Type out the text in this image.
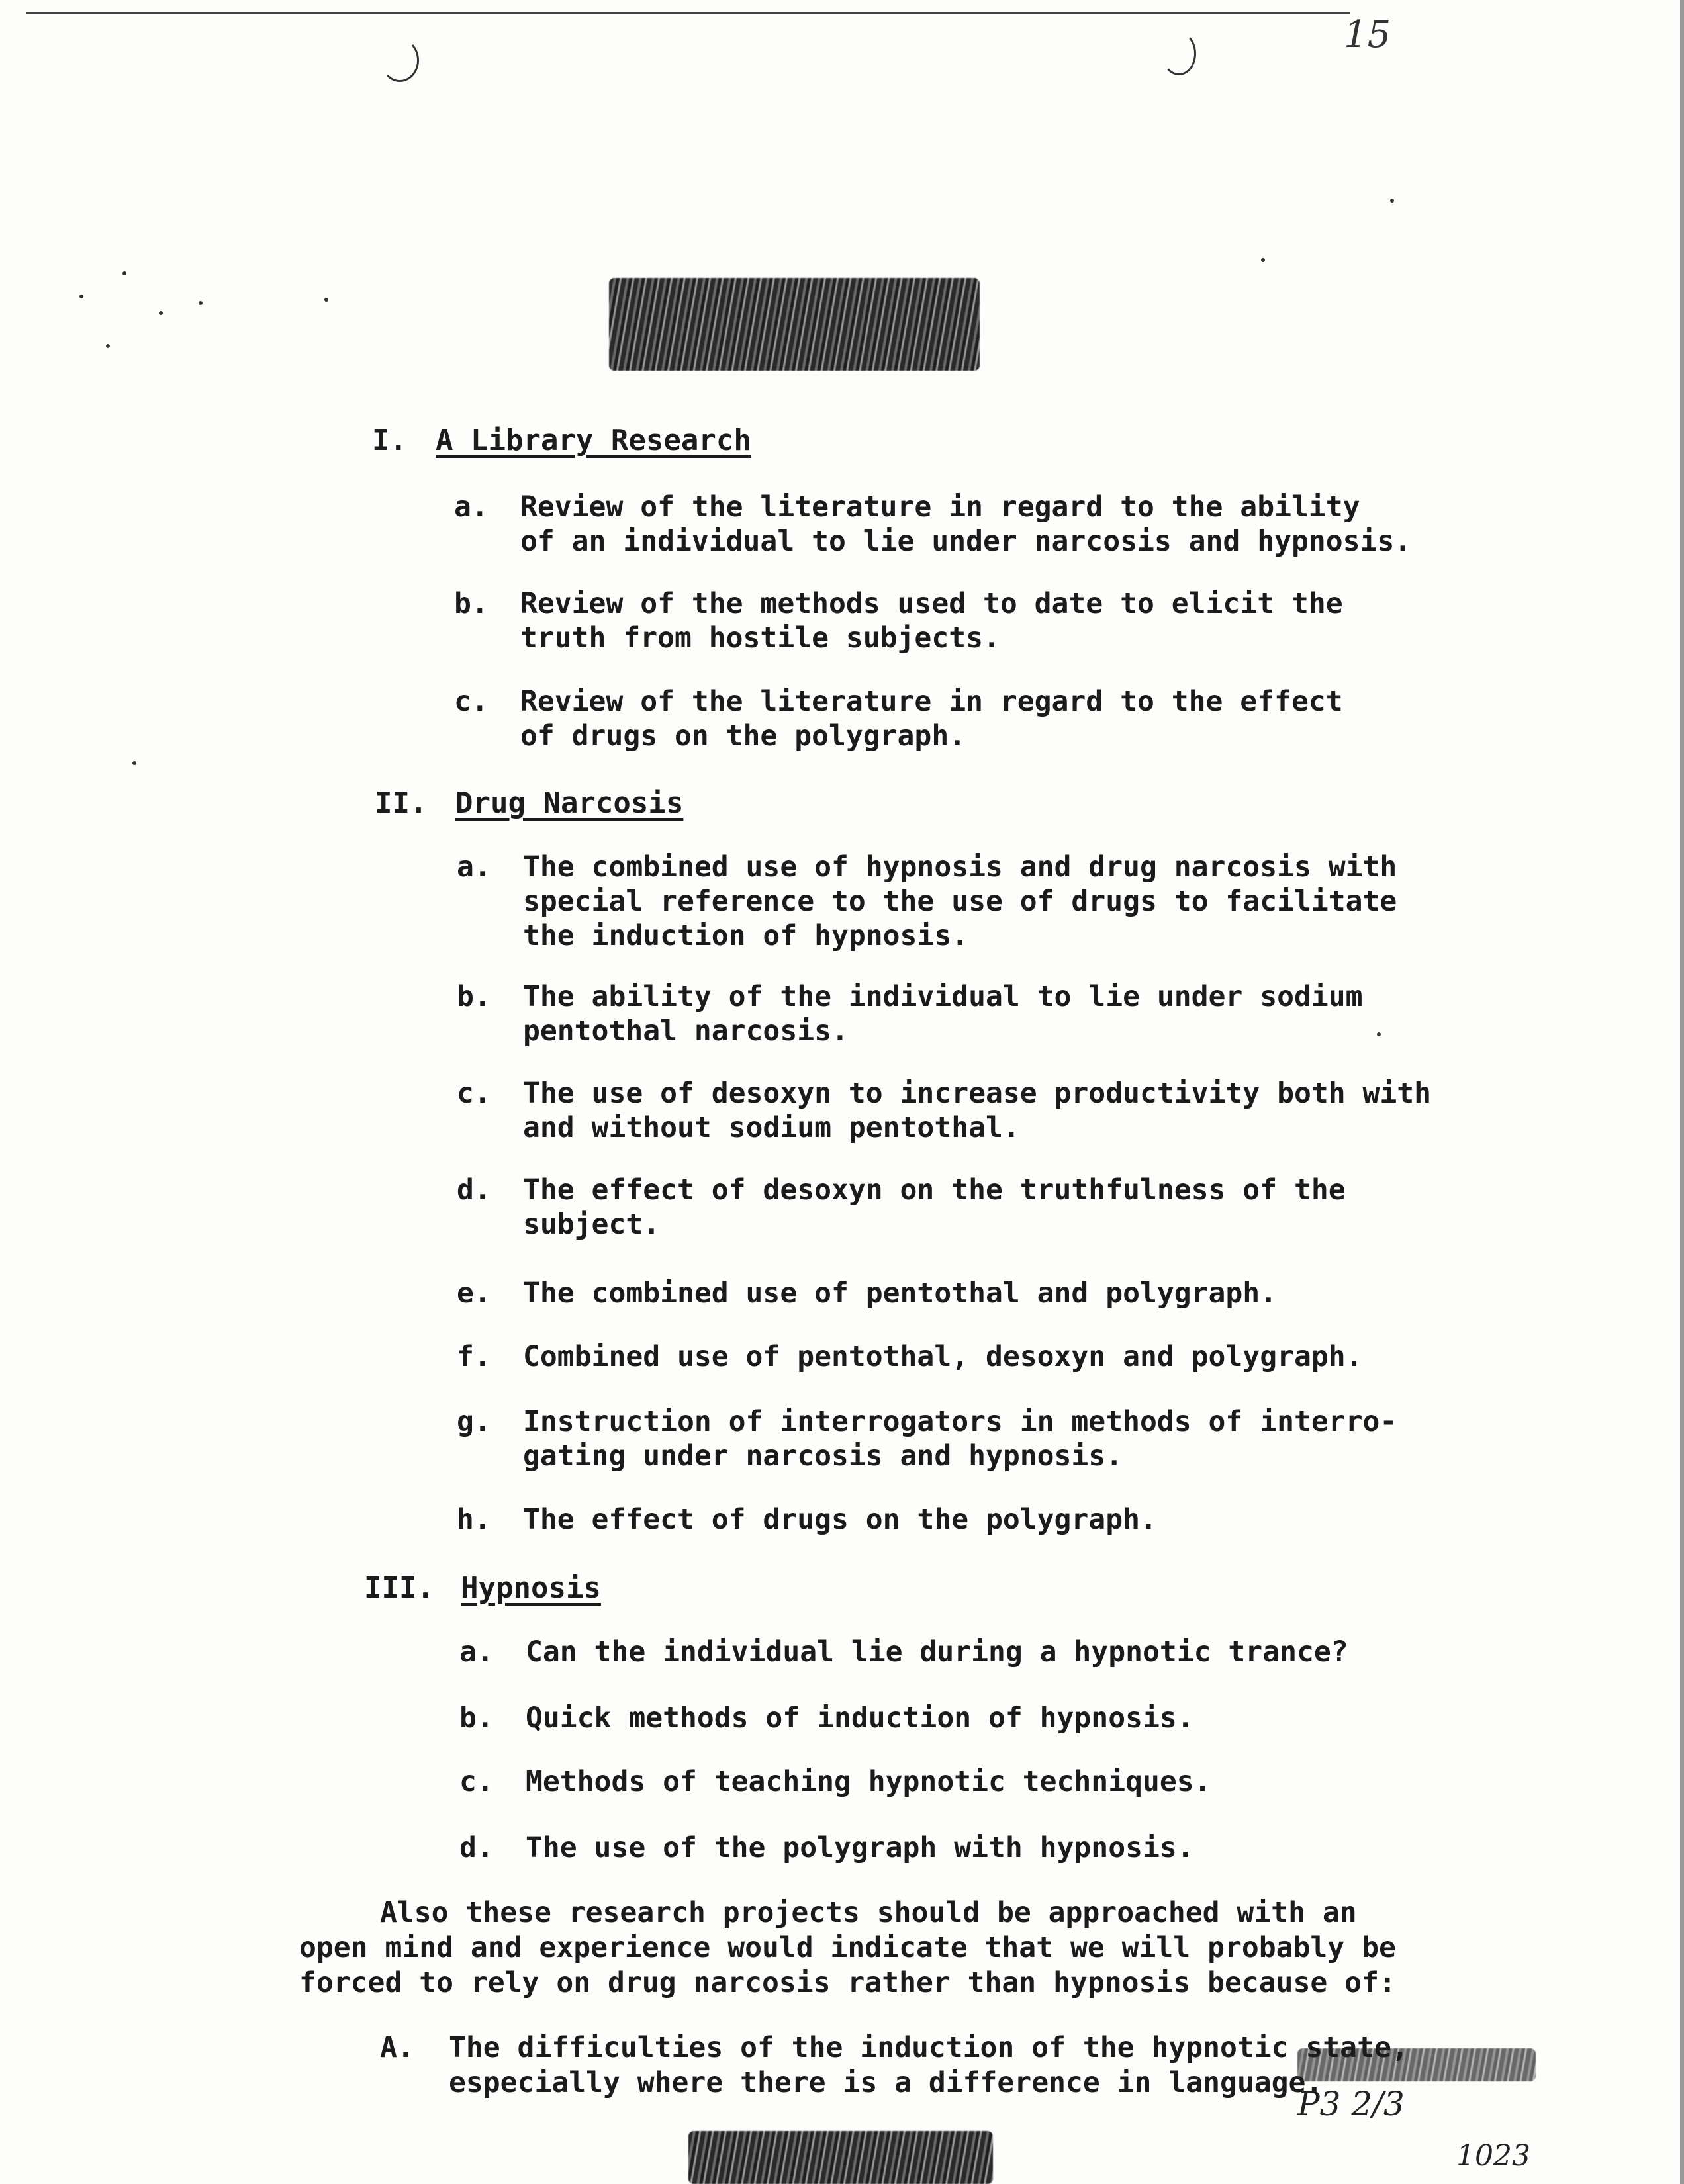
15
I. A Library Research
a. Review of the literature in regard to the ability
of an individual to lie under narcosis and hypnosis.
b. Review of the methods used to date to elicit the
truth from hostile subjects.
c. Review of the literature in regard to the effect
of drugs on the polygraph.
II. Drug Narcosis
a. The combined use of hypnosis and drug narcosis with
special reference to the use of drugs to facilitate
the induction of hypnosis.
b. The ability of the individual to lie under sodium
pentothal narcosis.
c. The use of desoxyn to increase productivity both with
and without sodium pentothal.
d. The effect of desoxyn on the truthfulness of the
subject.
e. The combined use of pentothal and polygraph.
f. Combined use of pentothal, desoxyn and polygraph.
g. Instruction of interrogators in methods of interro-
gating under narcosis and hypnosis.
h. The effect of drugs on the polygraph.
III. Hypnosis
a. Can the individual lie during a hypnotic trance?
b. Quick methods of induction of hypnosis.
c. Methods of teaching hypnotic techniques.
d. The use of the polygraph with hypnosis.
Also these research projects should be approached with an
open mind and experience would indicate that we will probably be
forced to rely on drug narcosis rather than hypnosis because of:
A. The difficulties of the induction of the hypnotic state,
especially where there is a difference in language.
P3 2/3
1023
